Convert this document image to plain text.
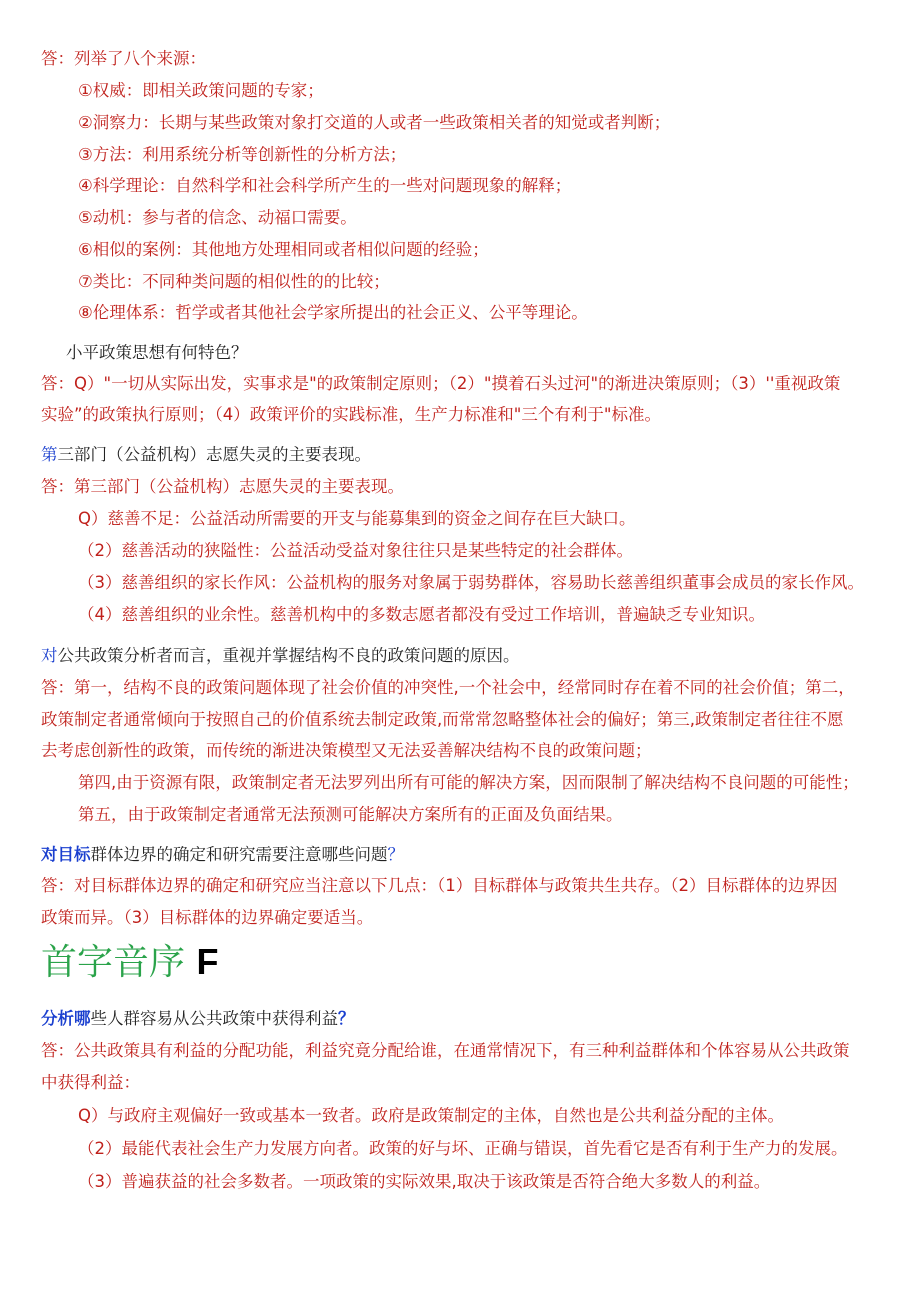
答：列举了八个来源：
①权威：即相关政策问题的专家；
②洞察力：长期与某些政策对象打交道的人或者一些政策相关者的知觉或者判断；
③方法：利用系统分析等创新性的分析方法；
④科学理论：自然科学和社会科学所产生的一些对问题现象的解释；
⑤动机：参与者的信念、动福口需要。
⑥相似的案例：其他地方处理相同或者相似问题的经验；
⑦类比：不同种类问题的相似性的的比较；
⑧伦理体系：哲学或者其他社会学家所提出的社会正义、公平等理论。
小平政策思想有何特色？
答：Q）"一切从实际出发，实事求是"的政策制定原则；（2）"摸着石头过河"的渐进决策原则；（3）''重视政策
实验”的政策执行原则；（4）政策评价的实践标准，生产力标准和"三个有利于"标准。
第三部门（公益机构）志愿失灵的主要表现。
答：第三部门（公益机构）志愿失灵的主要表现。
Q）慈善不足：公益活动所需要的开支与能募集到的资金之间存在巨大缺口。
（2）慈善活动的狭隘性：公益活动受益对象往往只是某些特定的社会群体。
（3）慈善组织的家长作风：公益机构的服务对象属于弱势群体，容易助长慈善组织董事会成员的家长作风。
（4）慈善组织的业余性。慈善机构中的多数志愿者都没有受过工作培训，普遍缺乏专业知识。
对公共政策分析者而言，重视并掌握结构不良的政策问题的原因。
答：第一，结构不良的政策问题体现了社会价值的冲突性,一个社会中，经常同时存在着不同的社会价值；第二，
政策制定者通常倾向于按照自己的价值系统去制定政策,而常常忽略整体社会的偏好；第三,政策制定者往往不愿
去考虑创新性的政策，而传统的渐进决策模型又无法妥善解决结构不良的政策问题；
第四,由于资源有限，政策制定者无法罗列出所有可能的解决方案，因而限制了解决结构不良问题的可能性；
第五，由于政策制定者通常无法预测可能解决方案所有的正面及负面结果。
对目标群体边界的确定和研究需要注意哪些问题？
答：对目标群体边界的确定和研究应当注意以下几点：（1）目标群体与政策共生共存。（2）目标群体的边界因
政策而异。（3）目标群体的边界确定要适当。
首字音序 F
分析哪些人群容易从公共政策中获得利益？
答：公共政策具有利益的分配功能，利益究竟分配给谁，在通常情况下，有三种利益群体和个体容易从公共政策
中获得利益：
Q）与政府主观偏好一致或基本一致者。政府是政策制定的主体，自然也是公共利益分配的主体。
（2）最能代表社会生产力发展方向者。政策的好与坏、正确与错误，首先看它是否有利于生产力的发展。
（3）普遍获益的社会多数者。一项政策的实际效果,取决于该政策是否符合绝大多数人的利益。
